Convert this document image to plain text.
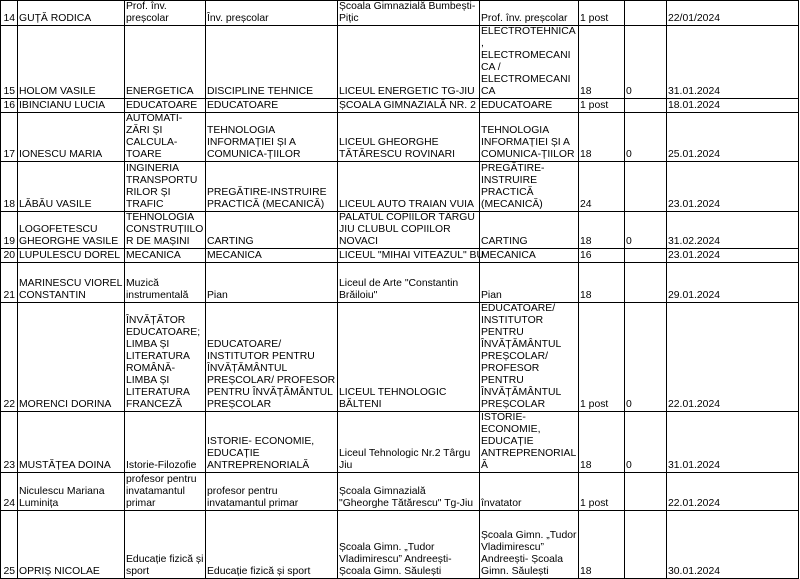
14	GUȚĂ RODICA	Prof. înv. preșcolar	Înv. preșcolar	Școala Gimnazială Bumbești-Pițic	Prof. înv. preșcolar	1 post		22/01/2024
15	HOLOM VASILE	ENERGETICA	DISCIPLINE TEHNICE	LICEUL ENERGETIC TG-JIU	ELECTROTEHNICA, ELECTROMECANICA / ELECTROMECANICA	18	0	31.01.2024
16	IBINCIANU LUCIA	EDUCATOARE	EDUCATOARE	ȘCOALA GIMNAZIALĂ NR. 2	EDUCATOARE	1 post		18.01.2024
17	IONESCU MARIA	AUTOMATI-ZĂRI ȘI CALCULA-TOARE	TEHNOLOGIA INFORMAȚIEI ȘI A COMUNICA-ȚIILOR	LICEUL GHEORGHE TĂTĂRESCU ROVINARI	TEHNOLOGIA INFORMAȚIEI ȘI A COMUNICA-ȚIILOR	18	0	25.01.2024
18	LĂBĂU VASILE	INGINERIA TRANSPORTURILOR ȘI TRAFIC	PREGĂTIRE-INSTRUIRE PRACTICĂ (MECANICĂ)	LICEUL AUTO TRAIAN VUIA	PREGĂTIRE-INSTRUIRE PRACTICĂ (MECANICĂ)	24		23.01.2024
19	LOGOFETESCU GHEORGHE VASILE	TEHNOLOGIA CONSTRUȚIILOR DE MAȘINI	CARTING	PALATUL COPIILOR TÂRGU JIU CLUBUL COPIILOR NOVACI	CARTING	18	0	31.02.2024
20	LUPULESCU DOREL	MECANICA	MECANICA	LICEUL "MIHAI VITEAZUL" BU	MECANICA	16		23.01.2024
21	MARINESCU VIOREL CONSTANTIN	Muzică instrumentală	Pian	Liceul de Arte "Constantin Brăiloiu"	Pian	18		29.01.2024
22	MORENCI DORINA	ÎNVĂȚĂTOR EDUCATOARE; LIMBA ȘI LITERATURA ROMÂNĂ-LIMBA ȘI LITERATURA FRANCEZĂ	EDUCATOARE/ INSTITUTOR PENTRU ÎNVĂȚĂMÂNTUL PREȘCOLAR/ PROFESOR PENTRU ÎNVĂȚĂMÂNTUL PREȘCOLAR	LICEUL TEHNOLOGIC BĂLTENI	EDUCATOARE/ INSTITUTOR PENTRU ÎNVĂȚĂMÂNTUL PREȘCOLAR/ PROFESOR PENTRU ÎNVĂȚĂMÂNTUL PREȘCOLAR	1 post	0	22.01.2024
23	MUSTĂȚEA DOINA	Istorie-Filozofie	ISTORIE- ECONOMIE, EDUCAȚIE ANTREPRENORIALĂ	Liceul Tehnologic Nr.2 Târgu Jiu	ISTORIE-ECONOMIE, EDUCAȚIE ANTREPRENORIALĂ	18	0	31.01.2024
24	Niculescu Mariana Luminița	profesor pentru invatamantul primar	profesor pentru invatamantul primar	Școala Gimnazială "Gheorghe Tătărescu" Tg-Jiu	învatator	1 post		22.01.2024
25	OPRIȘ NICOLAE	Educație fizică și sport	Educație fizică și sport	Școala Gimn. „Tudor Vladimirescu” Andreești-Școala Gimn. Săulești	Școala Gimn. „Tudor Vladimirescu” Andreești- Școala Gimn. Săulești	18		30.01.2024
